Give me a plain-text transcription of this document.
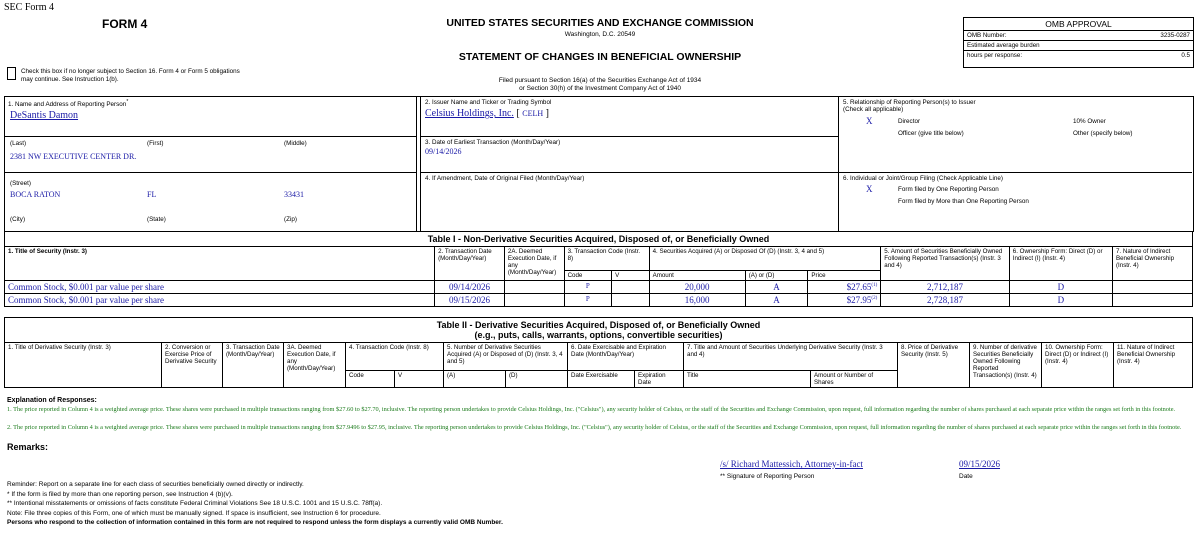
SEC Form 4
FORM 4	UNITED STATES SECURITIES AND EXCHANGE COMMISSION
Washington, D.C. 20549
STATEMENT OF CHANGES IN BENEFICIAL OWNERSHIP
Filed pursuant to Section 16(a) of the Securities Exchange Act of 1934
or Section 30(h) of the Investment Company Act of 1940
Check this box if no longer subject to Section 16. Form 4 or Form 5 obligations may continue. See Instruction 1(b).
OMB APPROVAL
OMB Number:	3235-0287
Estimated average burden
hours per response:	0.5
1. Name and Address of Reporting Person*
DeSantis Damon
(Last)	(First)	(Middle)
2381 NW EXECUTIVE CENTER DR.
(Street)
BOCA RATON	FL	33431
(City)	(State)	(Zip)
2. Issuer Name and Ticker or Trading Symbol
Celsius Holdings, Inc. [ CELH ]
3. Date of Earliest Transaction (Month/Day/Year)
09/14/2026
4. If Amendment, Date of Original Filed (Month/Day/Year)
5. Relationship of Reporting Person(s) to Issuer
(Check all applicable)
X	Director	10% Owner
Officer (give title below)	Other (specify below)
6. Individual or Joint/Group Filing (Check Applicable Line)
X	Form filed by One Reporting Person
Form filed by More than One Reporting Person
Table I - Non-Derivative Securities Acquired, Disposed of, or Beneficially Owned										
1. Title of Security (Instr. 3)	2. Transaction Date (Month/Day/Year)	2A. Deemed Execution Date, if any (Month/Day/Year)	3. Transaction Code (Instr. 8)		4. Securities Acquired (A) or Disposed Of (D) (Instr. 3, 4 and 5)			5. Amount of Securities Beneficially Owned Following Reported Transaction(s) (Instr. 3 and 4)	6. Ownership Form: Direct (D) or Indirect (I) (Instr. 4)	7. Nature of Indirect Beneficial Ownership (Instr. 4)
			Code	V	Amount	(A) or (D)	Price			
Common Stock, $0.001 par value per share	09/14/2026		P		20,000	A	$27.65$^{(1)}$	2,712,187	D	
Common Stock, $0.001 par value per share	09/15/2026		P		16,000	A	$27.95$^{(2)}$	2,728,187	D	
Table II - Derivative Securities Acquired, Disposed of, or Beneficially Owned
(e.g., puts, calls, warrants, options, convertible securities)															

1. Title of Derivative Security (Instr. 3)	2. Conversion or Exercise Price of Derivative Security	3. Transaction Date (Month/Day/Year)	3A. Deemed Execution Date, if any (Month/Day/Year)	4. Transaction Code (Instr. 8)		5. Number of Derivative Securities Acquired (A) or Disposed of (D) (Instr. 3, 4 and 5)		6. Date Exercisable and Expiration Date (Month/Day/Year)		7. Title and Amount of Securities Underlying Derivative Security (Instr. 3 and 4)		8. Price of Derivative Security (Instr. 5)	9. Number of derivative Securities Beneficially Owned Following Reported Transaction(s) (Instr. 4)	10. Ownership Form: Direct (D) or Indirect (I) (Instr. 4)	11. Nature of Indirect Beneficial Ownership (Instr. 4)
				Code	V	(A)	(D)	Date Exercisable	Expiration Date	Title	Amount or Number of Shares				
Explanation of Responses:
1. The price reported in Column 4 is a weighted average price. These shares were purchased in multiple transactions ranging from $27.60 to $27.70, inclusive. The reporting person undertakes to provide Celsius Holdings, Inc. ("Celsius"), any security holder of Celsius, or the staff of the Securities and Exchange Commission, upon request, full information regarding the number of shares purchased at each separate price within the ranges set forth in this footnote.
2. The price reported in Column 4 is a weighted average price. These shares were purchased in multiple transactions ranging from $27.9496 to $27.95, inclusive. The reporting person undertakes to provide Celsius Holdings, Inc. ("Celsius"), any security holder of Celsius, or the staff of the Securities and Exchange Commission, upon request, full information regarding the number of shares purchased at each separate price within the ranges set forth in this footnote.
Remarks:
/s/ Richard Mattessich, Attorney-in-fact	09/15/2026
** Signature of Reporting Person	Date
Reminder: Report on a separate line for each class of securities beneficially owned directly or indirectly.
* If the form is filed by more than one reporting person, see Instruction 4 (b)(v).
** Intentional misstatements or omissions of facts constitute Federal Criminal Violations See 18 U.S.C. 1001 and 15 U.S.C. 78ff(a).
Note: File three copies of this Form, one of which must be manually signed. If space is insufficient, see Instruction 6 for procedure.
Persons who respond to the collection of information contained in this form are not required to respond unless the form displays a currently valid OMB Number.
